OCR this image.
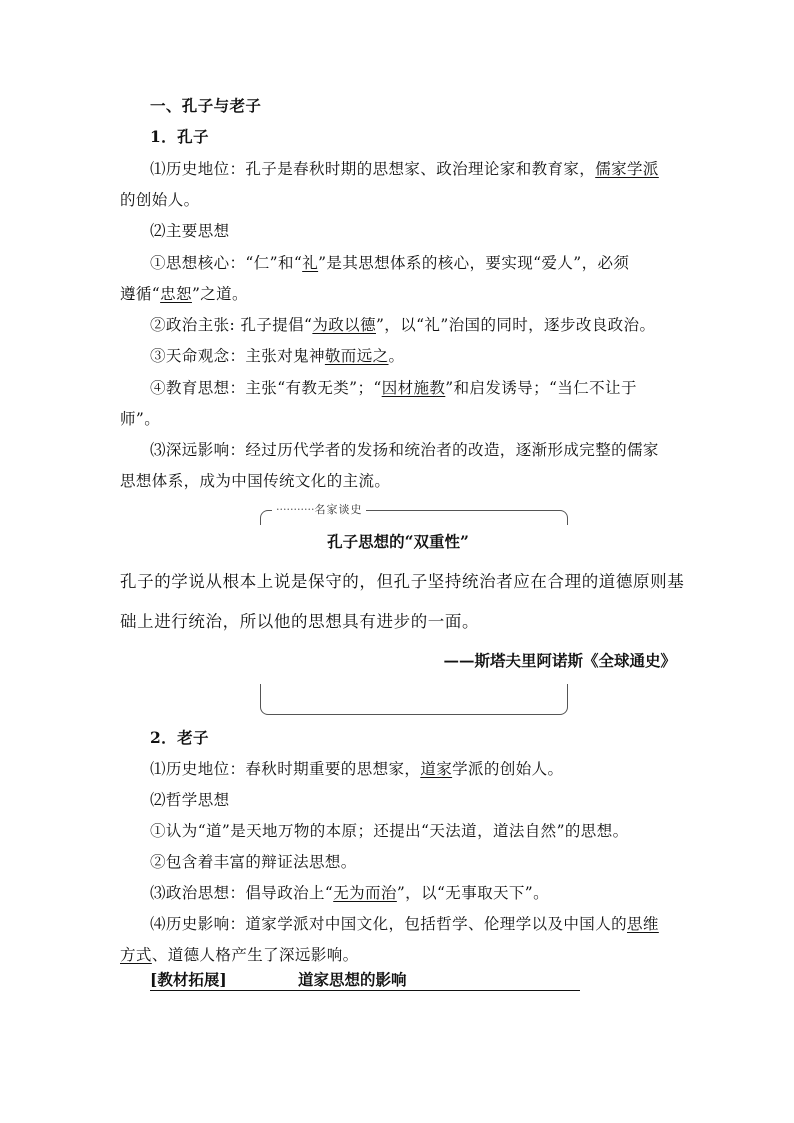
一、孔子与老子
1．孔子
⑴历史地位：孔子是春秋时期的思想家、政治理论家和教育家，儒家学派
的创始人。
⑵主要思想
①思想核心：“仁”和“礼”是其思想体系的核心，要实现“爱人”，必须
遵循“忠恕”之道。
②政治主张: 孔子提倡“为政以德”，以“礼”治国的同时，逐步改良政治。
③天命观念：主张对鬼神敬而远之。
④教育思想：主张“有教无类”；“因材施教”和启发诱导；“当仁不让于
师”。
⑶深远影响：经过历代学者的发扬和统治者的改造，逐渐形成完整的儒家
思想体系，成为中国传统文化的主流。
···········名家谈史
孔子思想的“双重性”
孔子的学说从根本上说是保守的，但孔子坚持统治者应在合理的道德原则基
础上进行统治，所以他的思想具有进步的一面。
——斯塔夫里阿诺斯《全球通史》
2．老子
⑴历史地位：春秋时期重要的思想家，道家学派的创始人。
⑵哲学思想
①认为“道”是天地万物的本原；还提出“天法道，道法自然”的思想。
②包含着丰富的辩证法思想。
⑶政治思想：倡导政治上“无为而治”，以“无事取天下”。
⑷历史影响：道家学派对中国文化，包括哲学、伦理学以及中国人的思维
方式、道德人格产生了深远影响。
[教材拓展]	道家思想的影响
